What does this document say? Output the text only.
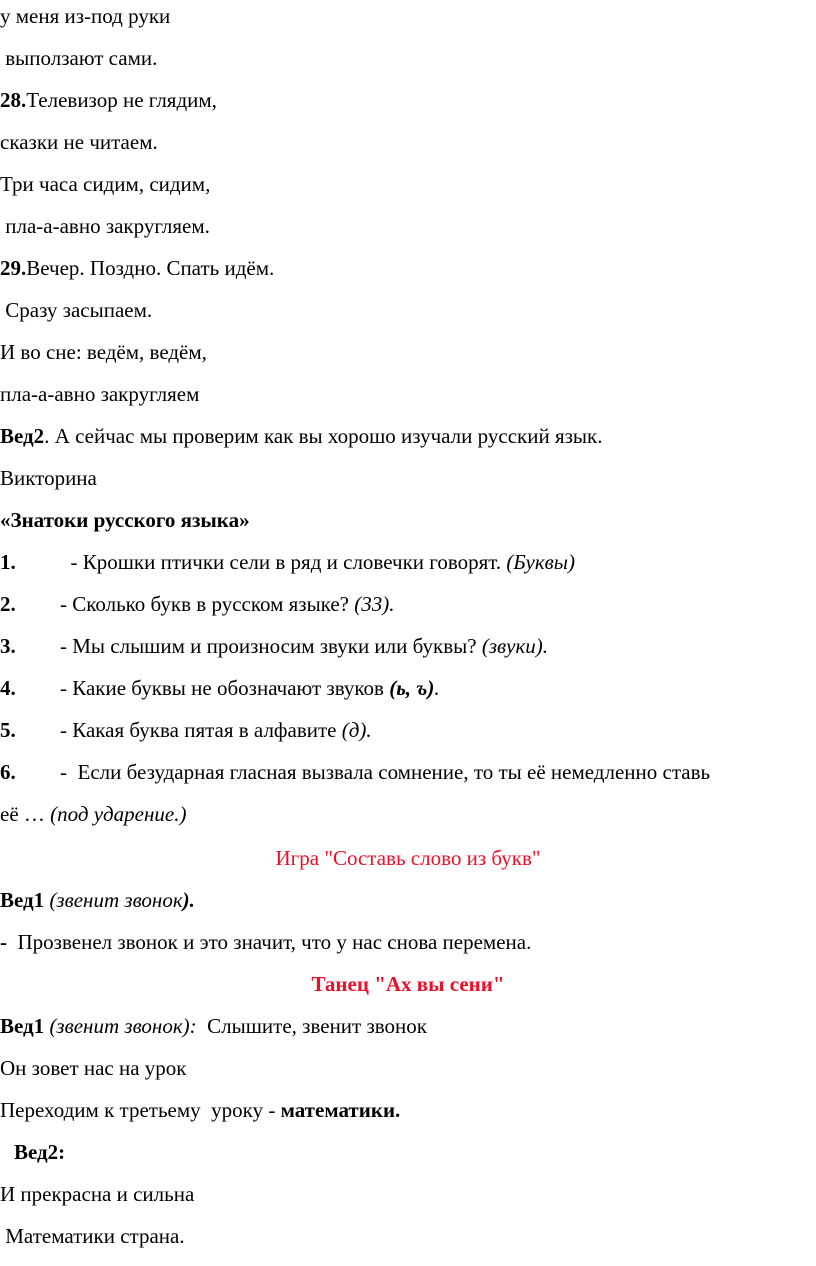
у меня из-под руки
выползают сами.
28.Телевизор не глядим,
сказки не читаем.
Три часа сидим, сидим,
пла-а-авно закругляем.
29.Вечер. Поздно. Спать идём.
Сразу засыпаем.
И во сне: ведём, ведём,
пла-а-авно закругляем
Вед2. А сейчас мы проверим как вы хорошо изучали русский язык.
Викторина
«Знатоки русского языка»
1.  - Крошки птички сели в ряд и словечки говорят. (Буквы)
2. - Сколько букв в русском языке? (33).
3. - Мы слышим и произносим звуки или буквы? (звуки).
4. - Какие буквы не обозначают звуков (ь, ъ).
5. - Какая буква пятая в алфавите (д).
6. -  Если безударная гласная вызвала сомнение, то ты её немедленно ставь
её … (под ударение.)
Игра "Составь слово из букв"
Вед1 (звенит звонок).
-  Прозвенел звонок и это значит, что у нас снова перемена.
Танец "Ах вы сени"
Вед1 (звенит звонок):  Слышите, звенит звонок
Он зовет нас на урок
Переходим к третьему  уроку - математики.
Вед2:
И прекрасна и сильна
Математики страна.
